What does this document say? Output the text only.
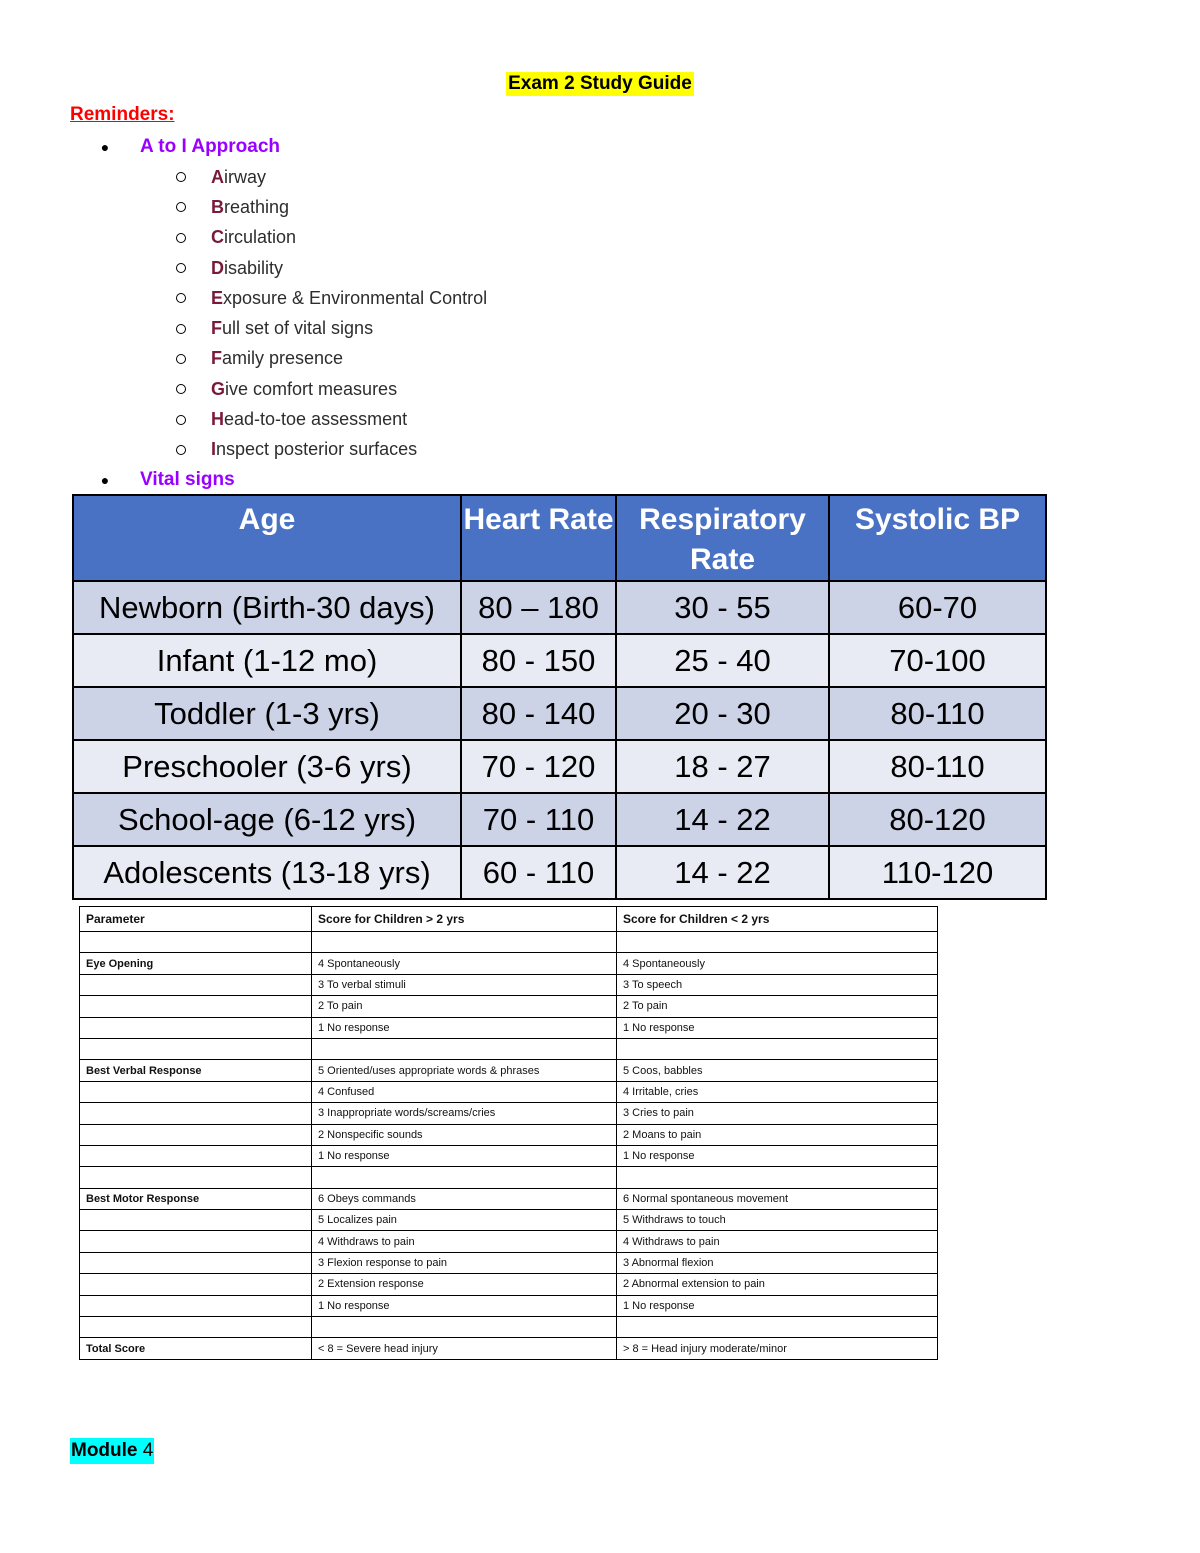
Exam 2 Study Guide
Reminders:
●	A to I Approach
Airway
Breathing
Circulation
Disability
Exposure & Environmental Control
Full set of vital signs
Family presence
Give comfort measures
Head-to-toe assessment
Inspect posterior surfaces
●	Vital signs
Age	Heart Rate	Respiratory Rate	Systolic BP
Newborn (Birth-30 days)	80 – 180	30 - 55	60-70
Infant (1-12 mo)	80 - 150	25 - 40	70-100
Toddler (1-3 yrs)	80 - 140	20 - 30	80-110
Preschooler (3-6 yrs)	70 - 120	18 - 27	80-110
School-age (6-12 yrs)	70 - 110	14 - 22	80-120
Adolescents (13-18 yrs)	60 - 110	14 - 22	110-120
Parameter	Score for Children > 2 yrs	Score for Children < 2 yrs

Eye Opening	4 Spontaneously	4 Spontaneously
	3 To verbal stimuli	3 To speech
	2 To pain	2 To pain
	1 No response	1 No response

Best Verbal Response	5 Oriented/uses appropriate words & phrases	5 Coos, babbles
	4 Confused	4 Irritable, cries
	3 Inappropriate words/screams/cries	3 Cries to pain
	2 Nonspecific sounds	2 Moans to pain
	1 No response	1 No response

Best Motor Response	6 Obeys commands	6 Normal spontaneous movement
	5 Localizes pain	5 Withdraws to touch
	4 Withdraws to pain	4 Withdraws to pain
	3 Flexion response to pain	3 Abnormal flexion
	2 Extension response	2 Abnormal extension to pain
	1 No response	1 No response

Total Score	< 8 = Severe head injury	> 8 = Head injury moderate/minor
Module 4
